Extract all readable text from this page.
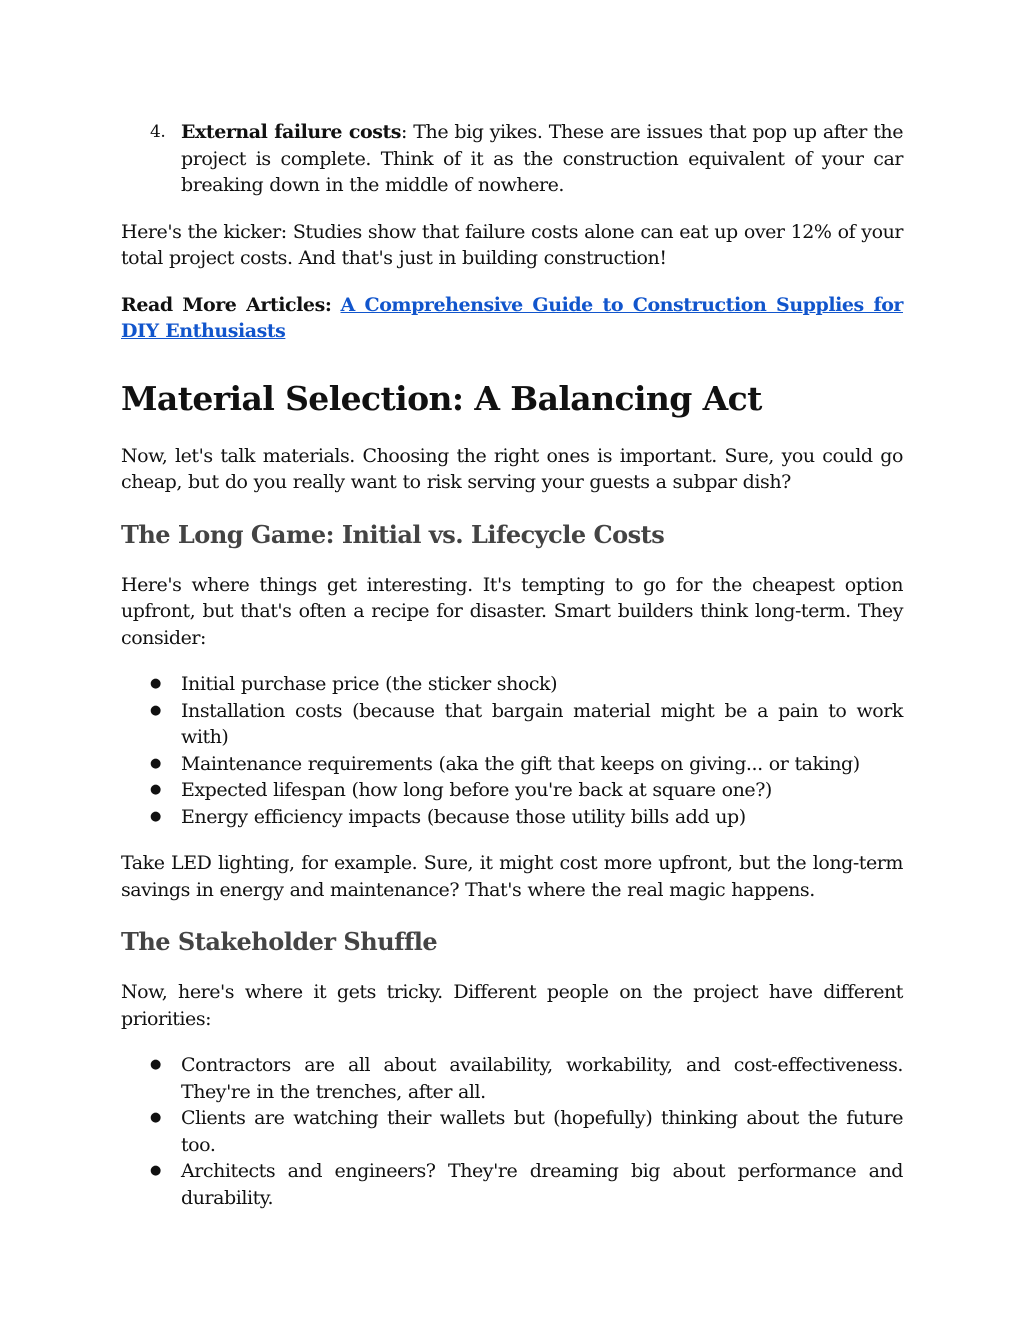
4. External failure costs: The big yikes. These are issues that pop up after the project is complete. Think of it as the construction equivalent of your car breaking down in the middle of nowhere.

Here's the kicker: Studies show that failure costs alone can eat up over 12% of your total project costs. And that's just in building construction!

Read More Articles: A Comprehensive Guide to Construction Supplies for DIY Enthusiasts

Material Selection: A Balancing Act

Now, let's talk materials. Choosing the right ones is important. Sure, you could go cheap, but do you really want to risk serving your guests a subpar dish?

The Long Game: Initial vs. Lifecycle Costs

Here's where things get interesting. It's tempting to go for the cheapest option upfront, but that's often a recipe for disaster. Smart builders think long-term. They consider:

● Initial purchase price (the sticker shock)
● Installation costs (because that bargain material might be a pain to work with)
● Maintenance requirements (aka the gift that keeps on giving... or taking)
● Expected lifespan (how long before you're back at square one?)
● Energy efficiency impacts (because those utility bills add up)

Take LED lighting, for example. Sure, it might cost more upfront, but the long-term savings in energy and maintenance? That's where the real magic happens.

The Stakeholder Shuffle

Now, here's where it gets tricky. Different people on the project have different priorities:

● Contractors are all about availability, workability, and cost-effectiveness. They're in the trenches, after all.
● Clients are watching their wallets but (hopefully) thinking about the future too.
● Architects and engineers? They're dreaming big about performance and durability.
